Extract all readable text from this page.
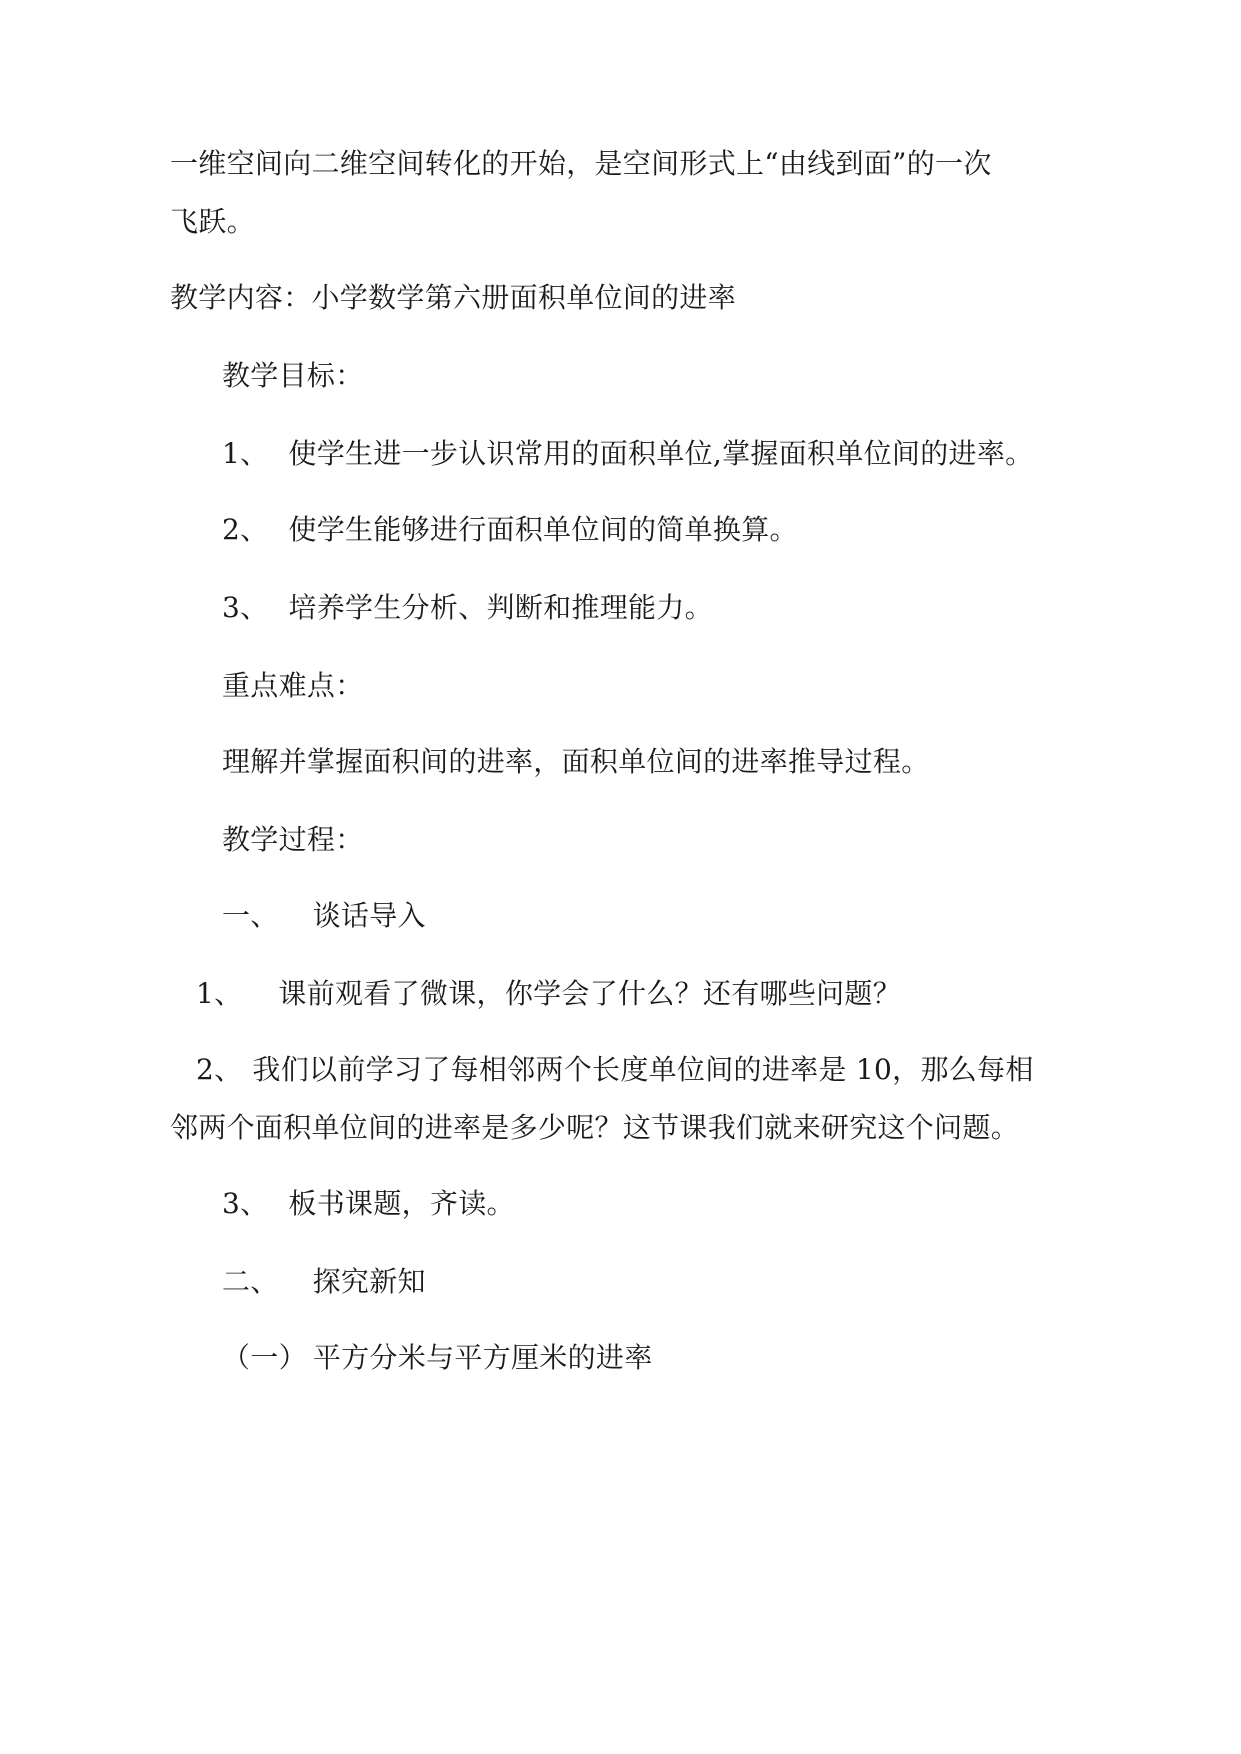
一维空间向二维空间转化的开始，是空间形式上“由线到面”的一次
飞跃。
教学内容：小学数学第六册面积单位间的进率
教学目标：
1、 使学生进一步认识常用的面积单位,掌握面积单位间的进率。
2、 使学生能够进行面积单位间的简单换算。
3、 培养学生分析、判断和推理能力。
重点难点：
理解并掌握面积间的进率，面积单位间的进率推导过程。
教学过程：
一、 谈话导入
1、 课前观看了微课，你学会了什么？还有哪些问题？
2、 我们以前学习了每相邻两个长度单位间的进率是 10，那么每相
邻两个面积单位间的进率是多少呢？这节课我们就来研究这个问题。
3、 板书课题，齐读。
二、 探究新知
（一） 平方分米与平方厘米的进率
